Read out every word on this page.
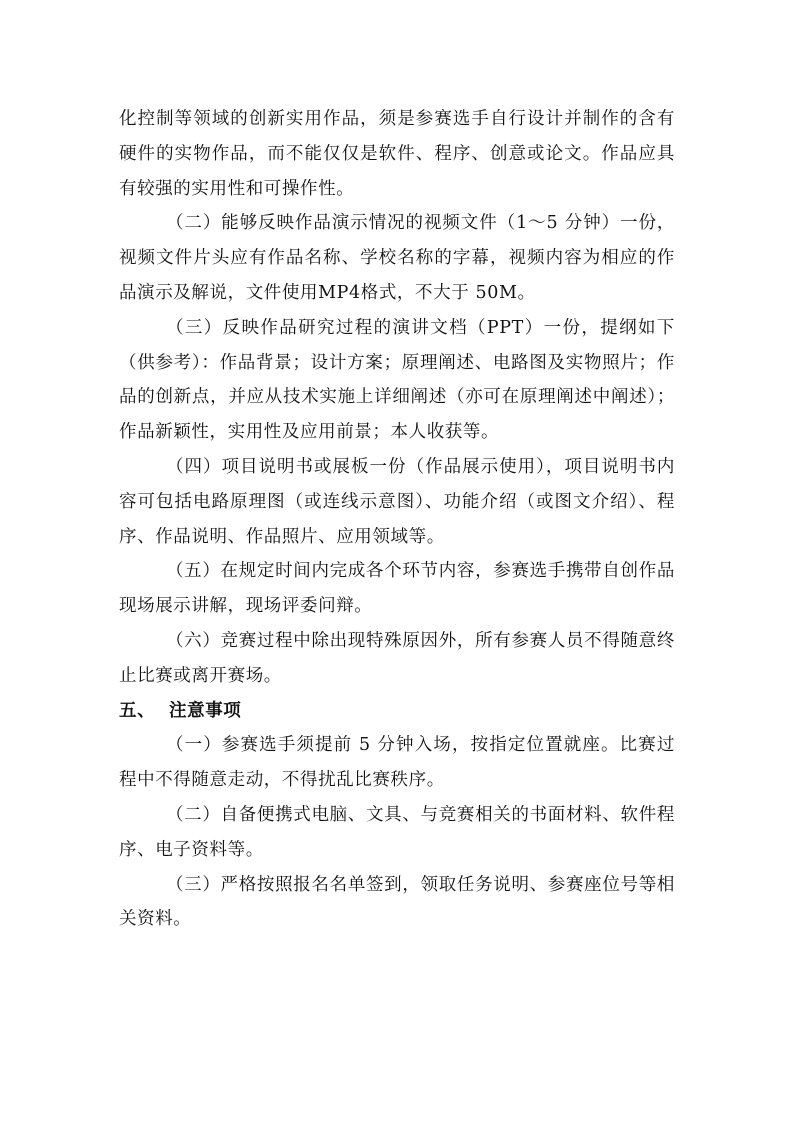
化控制等领域的创新实用作品，须是参赛选手自行设计并制作的含有硬件的实物作品，而不能仅仅是软件、程序、创意或论文。作品应具有较强的实用性和可操作性。

（二）能够反映作品演示情况的视频文件（1～5 分钟）一份，视频文件片头应有作品名称、学校名称的字幕，视频内容为相应的作品演示及解说，文件使用MP4格式，不大于 50M。

（三）反映作品研究过程的演讲文档（PPT）一份，提纲如下（供参考）：作品背景；设计方案；原理阐述、电路图及实物照片；作品的创新点，并应从技术实施上详细阐述（亦可在原理阐述中阐述）；作品新颖性，实用性及应用前景；本人收获等。

（四）项目说明书或展板一份（作品展示使用），项目说明书内容可包括电路原理图（或连线示意图）、功能介绍（或图文介绍）、程序、作品说明、作品照片、应用领域等。

（五）在规定时间内完成各个环节内容，参赛选手携带自创作品现场展示讲解，现场评委问辩。

（六）竞赛过程中除出现特殊原因外，所有参赛人员不得随意终止比赛或离开赛场。

五、 注意事项

（一）参赛选手须提前 5 分钟入场，按指定位置就座。比赛过程中不得随意走动，不得扰乱比赛秩序。

（二）自备便携式电脑、文具、与竞赛相关的书面材料、软件程序、电子资料等。

（三）严格按照报名名单签到，领取任务说明、参赛座位号等相关资料。
